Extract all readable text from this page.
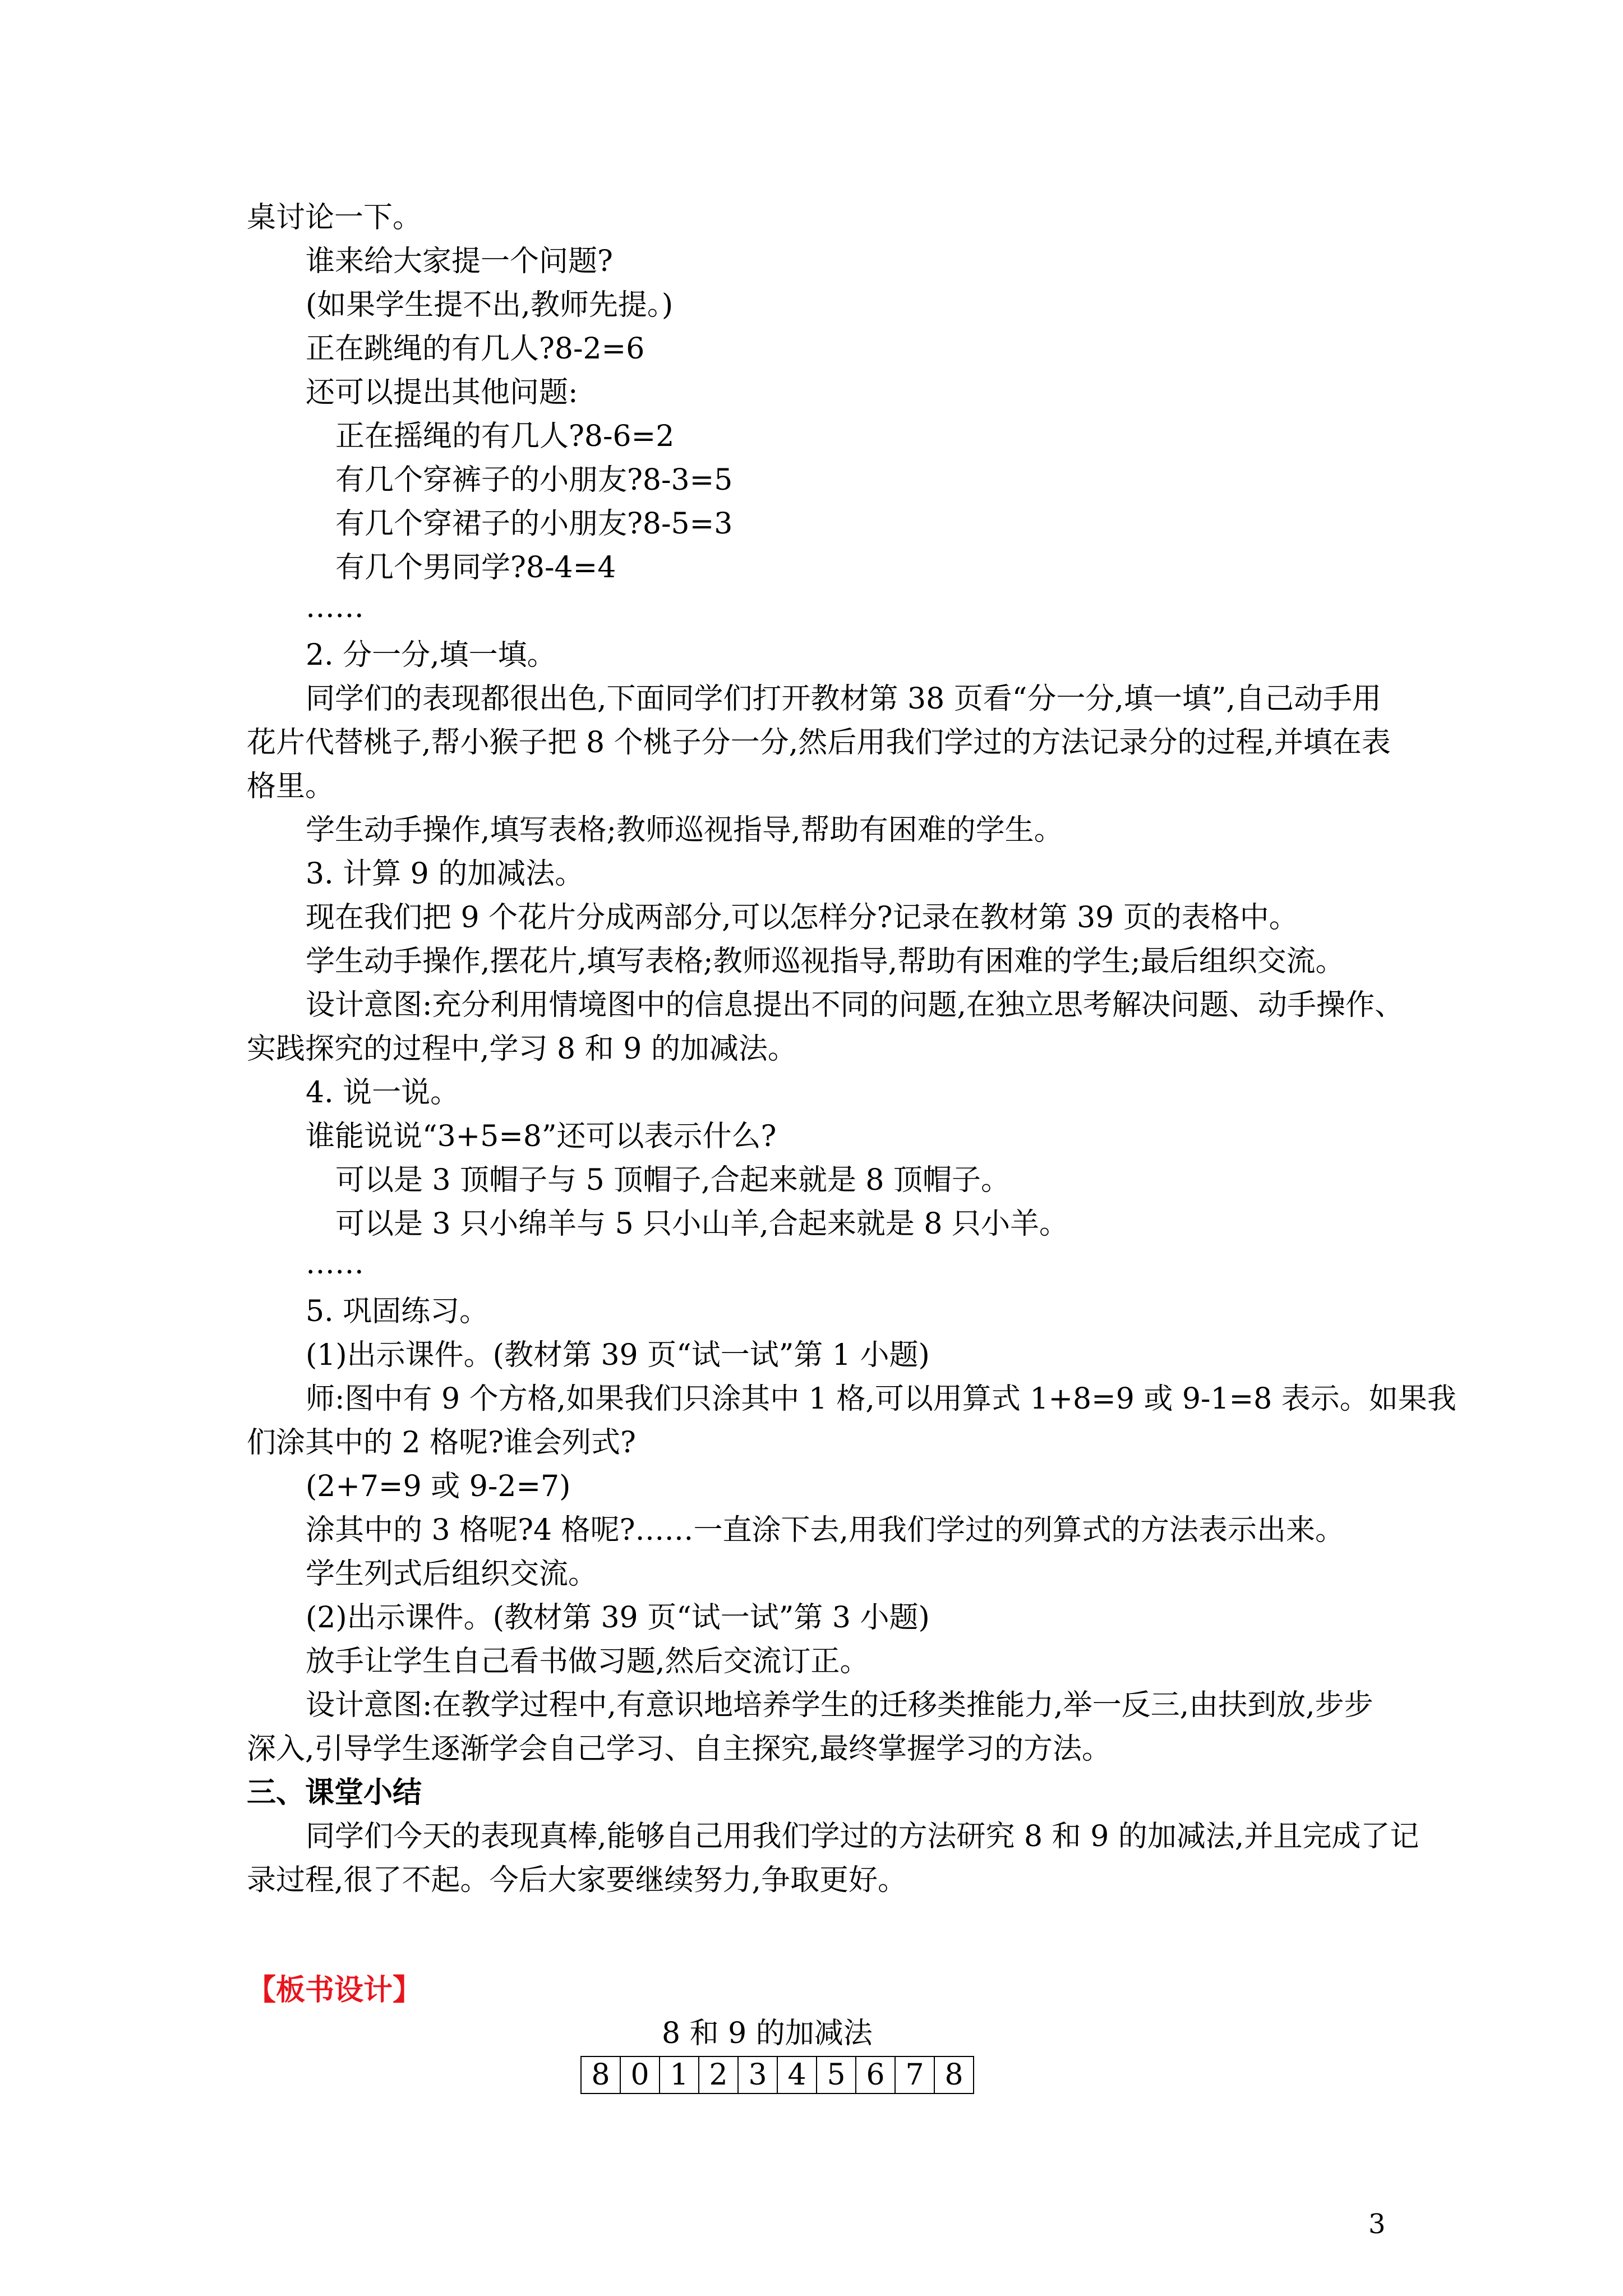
桌讨论一下。
谁来给大家提一个问题?
(如果学生提不出,教师先提。)
正在跳绳的有几人?8-2=6
还可以提出其他问题:
正在摇绳的有几人?8-6=2
有几个穿裤子的小朋友?8-3=5
有几个穿裙子的小朋友?8-5=3
有几个男同学?8-4=4
……
2. 分一分,填一填。
同学们的表现都很出色,下面同学们打开教材第 38 页看“分一分,填一填”,自己动手用
花片代替桃子,帮小猴子把 8 个桃子分一分,然后用我们学过的方法记录分的过程,并填在表
格里。
学生动手操作,填写表格;教师巡视指导,帮助有困难的学生。
3. 计算 9 的加减法。
现在我们把 9 个花片分成两部分,可以怎样分?记录在教材第 39 页的表格中。
学生动手操作,摆花片,填写表格;教师巡视指导,帮助有困难的学生;最后组织交流。
设计意图:充分利用情境图中的信息提出不同的问题,在独立思考解决问题、动手操作、
实践探究的过程中,学习 8 和 9 的加减法。
4. 说一说。
谁能说说“3+5=8”还可以表示什么?
可以是 3 顶帽子与 5 顶帽子,合起来就是 8 顶帽子。
可以是 3 只小绵羊与 5 只小山羊,合起来就是 8 只小羊。
……
5. 巩固练习。
(1)出示课件。(教材第 39 页“试一试”第 1 小题)
师:图中有 9 个方格,如果我们只涂其中 1 格,可以用算式 1+8=9 或 9-1=8 表示。如果我
们涂其中的 2 格呢?谁会列式?
(2+7=9 或 9-2=7)
涂其中的 3 格呢?4 格呢?……一直涂下去,用我们学过的列算式的方法表示出来。
学生列式后组织交流。
(2)出示课件。(教材第 39 页“试一试”第 3 小题)
放手让学生自己看书做习题,然后交流订正。
设计意图:在教学过程中,有意识地培养学生的迁移类推能力,举一反三,由扶到放,步步
深入,引导学生逐渐学会自己学习、自主探究,最终掌握学习的方法。
三、课堂小结
同学们今天的表现真棒,能够自己用我们学过的方法研究 8 和 9 的加减法,并且完成了记
录过程,很了不起。今后大家要继续努力,争取更好。
【板书设计】
8 和 9 的加减法
8	0	1	2	3	4	5	6	7	8
3
